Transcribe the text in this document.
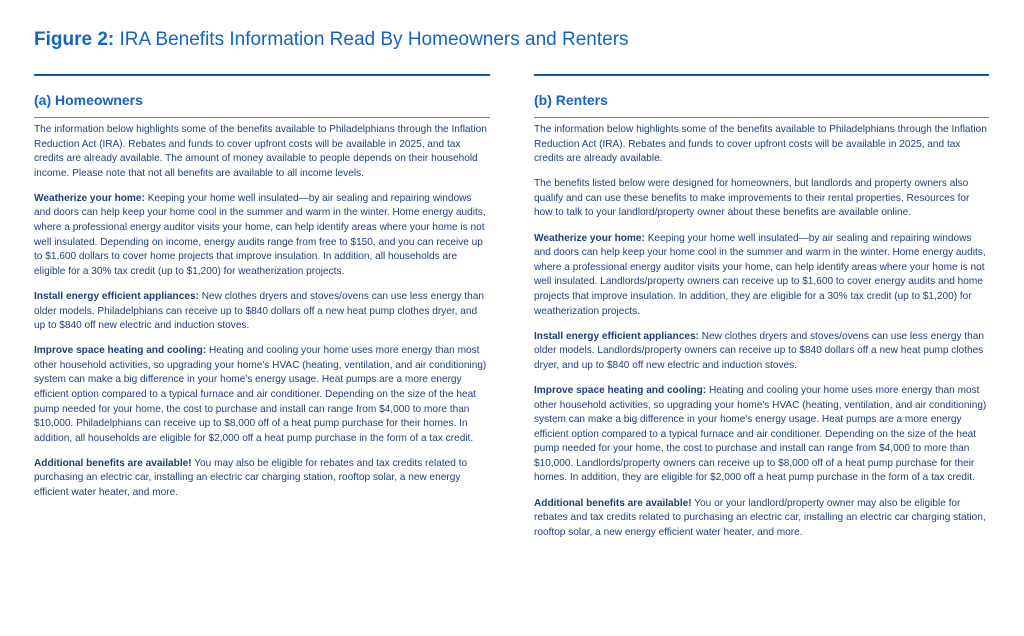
Figure 2: IRA Benefits Information Read By Homeowners and Renters
(a) Homeowners

The information below highlights some of the benefits available to Philadelphians through the Inflation Reduction Act (IRA). Rebates and funds to cover upfront costs will be available in 2025, and tax credits are already available. The amount of money available to people depends on their household income. Please note that not all benefits are available to all income levels.

Weatherize your home: Keeping your home well insulated—by air sealing and repairing windows and doors can help keep your home cool in the summer and warm in the winter. Home energy audits, where a professional energy auditor visits your home, can help identify areas where your home is not well insulated. Depending on income, energy audits range from free to $150, and you can receive up to $1,600 dollars to cover home projects that improve insulation. In addition, all households are eligible for a 30% tax credit (up to $1,200) for weatherization projects.

Install energy efficient appliances: New clothes dryers and stoves/ovens can use less energy than older models. Philadelphians can receive up to $840 dollars off a new heat pump clothes dryer, and up to $840 off new electric and induction stoves.

Improve space heating and cooling: Heating and cooling your home uses more energy than most other household activities, so upgrading your home's HVAC (heating, ventilation, and air conditioning) system can make a big difference in your home's energy usage. Heat pumps are a more energy efficient option compared to a typical furnace and air conditioner. Depending on the size of the heat pump needed for your home, the cost to purchase and install can range from $4,000 to more than $10,000. Philadelphians can receive up to $8,000 off of a heat pump purchase for their homes. In addition, all households are eligible for $2,000 off a heat pump purchase in the form of a tax credit.

Additional benefits are available! You may also be eligible for rebates and tax credits related to purchasing an electric car, installing an electric car charging station, rooftop solar, a new energy efficient water heater, and more.

(b) Renters

The information below highlights some of the benefits available to Philadelphians through the Inflation Reduction Act (IRA). Rebates and funds to cover upfront costs will be available in 2025, and tax credits are already available.

The benefits listed below were designed for homeowners, but landlords and property owners also qualify and can use these benefits to make improvements to their rental properties. Resources for how to talk to your landlord/property owner about these benefits are available online.

Weatherize your home: Keeping your home well insulated—by air sealing and repairing windows and doors can help keep your home cool in the summer and warm in the winter. Home energy audits, where a professional energy auditor visits your home, can help identify areas where your home is not well insulated. Landlords/property owners can receive up to $1,600 to cover energy audits and home projects that improve insulation. In addition, they are eligible for a 30% tax credit (up to $1,200) for weatherization projects.

Install energy efficient appliances: New clothes dryers and stoves/ovens can use less energy than older models. Landlords/property owners can receive up to $840 dollars off a new heat pump clothes dryer, and up to $840 off new electric and induction stoves.

Improve space heating and cooling: Heating and cooling your home uses more energy than most other household activities, so upgrading your home's HVAC (heating, ventilation, and air conditioning) system can make a big difference in your home's energy usage. Heat pumps are a more energy efficient option compared to a typical furnace and air conditioner. Depending on the size of the heat pump needed for your home, the cost to purchase and install can range from $4,000 to more than $10,000. Landlords/property owners can receive up to $8,000 off of a heat pump purchase for their homes. In addition, they are eligible for $2,000 off a heat pump purchase in the form of a tax credit.

Additional benefits are available! You or your landlord/property owner may also be eligible for rebates and tax credits related to purchasing an electric car, installing an electric car charging station, rooftop solar, a new energy efficient water heater, and more.
